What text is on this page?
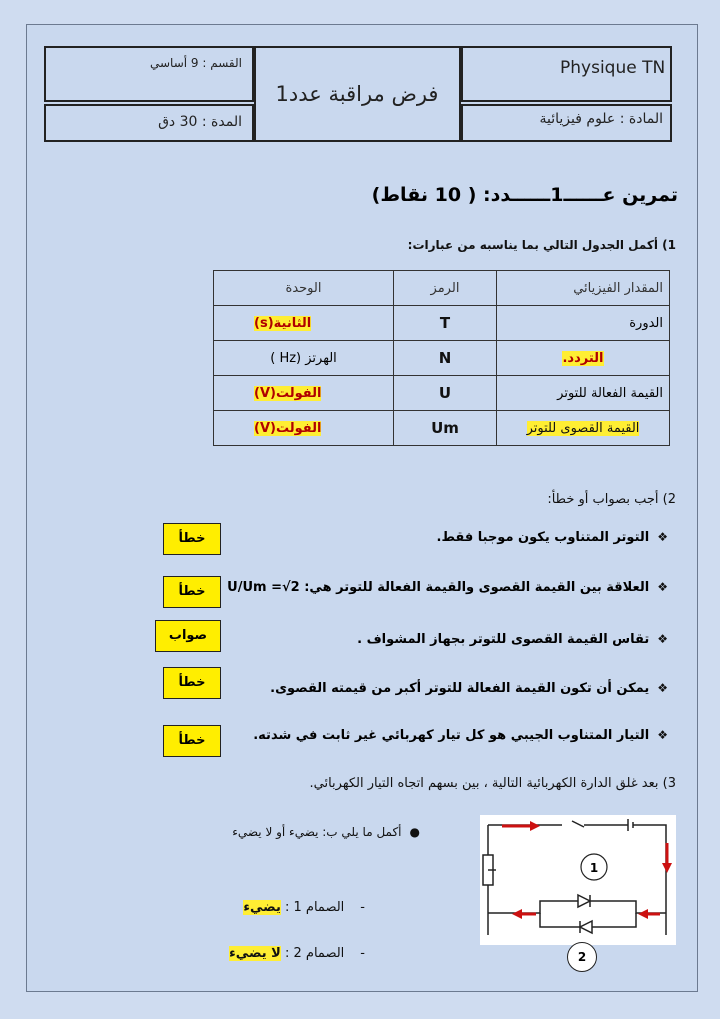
Physique TN
المادة : علوم فيزيائية
فرض مراقبة عدد1
القسم : 9 أساسي
المدة : 30 دق
تمرين عــــــ1ــــــدد: ( 10 نقاط)
1) أكمل الجدول التالي بما يناسبه من عبارات:
المقدار الفيزيائي	الرمز	الوحدة
الدورة	T	الثانية(s)
التردد.	N	الهرتز (Hz )
القيمة الفعالة للتوتر	U	الفولت(V)
القيمة القصوى للتوتر	Um	الفولت(V)
2) أجب بصواب أو خطأ:
❖التوتر المتناوب يكون موجبا فقط.
خطأ
❖العلاقة بين القيمة القصوى والقيمة الفعالة للتوتر هي: U/Um =√2
خطأ
❖تقاس القيمة القصوى للتوتر بجهاز المشواف .
صواب
❖يمكن أن تكون القيمة الفعالة للتوتر أكبر من قيمته القصوى.
خطأ
❖التيار المتناوب الجيبي هو كل تيار كهربائي غير ثابت في شدته.
خطأ
3) بعد غلق الدارة الكهربائية التالية ، بين بسهم اتجاه التيار الكهربائي.
●أكمل ما يلي ب: يضيء أو لا يضيء
-الصمام 1 : يضيء
-الصمام 2 : لا يضيء
1
2
